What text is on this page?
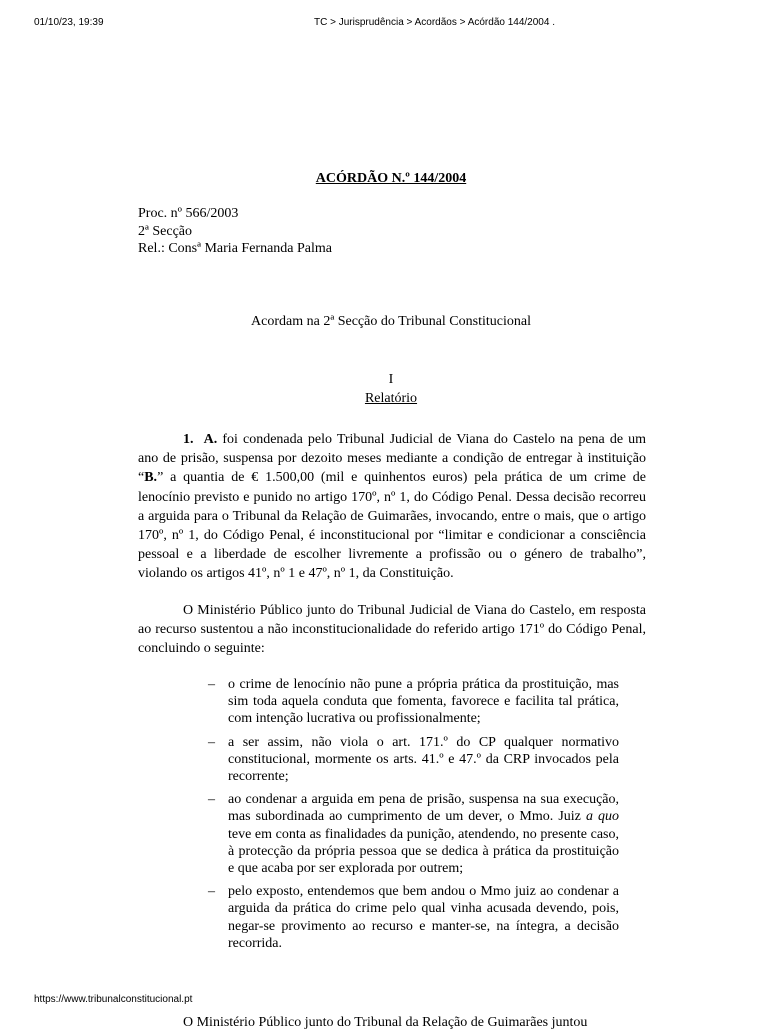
01/10/23, 19:39	TC > Jurisprudência > Acordãos > Acórdão 144/2004 .
ACÓRDÃO N.º 144/2004
Proc. nº 566/2003
2ª Secção
Rel.: Consª Maria Fernanda Palma
Acordam na 2ª Secção do Tribunal Constitucional
I
Relatório

1. A. foi condenada pelo Tribunal Judicial de Viana do Castelo na pena de um ano de prisão, suspensa por dezoito meses mediante a condição de entregar à instituição “B.” a quantia de € 1.500,00 (mil e quinhentos euros) pela prática de um crime de lenocínio previsto e punido no artigo 170º, nº 1, do Código Penal. Dessa decisão recorreu a arguida para o Tribunal da Relação de Guimarães, invocando, entre o mais, que o artigo 170º, nº 1, do Código Penal, é inconstitucional por “limitar e condicionar a consciência pessoal e a liberdade de escolher livremente a profissão ou o género de trabalho”, violando os artigos 41º, nº 1 e 47º, nº 1, da Constituição.

O Ministério Público junto do Tribunal Judicial de Viana do Castelo, em resposta ao recurso sustentou a não inconstitucionalidade do referido artigo 171º do Código Penal, concluindo o seguinte:

– o crime de lenocínio não pune a própria prática da prostituição, mas sim toda aquela conduta que fomenta, favorece e facilita tal prática, com intenção lucrativa ou profissionalmente;
– a ser assim, não viola o art. 171.º do CP qualquer normativo constitucional, mormente os arts. 41.º e 47.º da CRP invocados pela recorrente;
– ao condenar a arguida em pena de prisão, suspensa na sua execução, mas subordinada ao cumprimento de um dever, o Mmo. Juiz a quo teve em conta as finalidades da punição, atendendo, no presente caso, à protecção da própria pessoa que se dedica à prática da prostituição e que acaba por ser explorada por outrem;
– pelo exposto, entendemos que bem andou o Mmo juiz ao condenar a arguida da prática do crime pelo qual vinha acusada devendo, pois, negar-se provimento ao recurso e manter-se, na íntegra, a decisão recorrida.

O Ministério Público junto do Tribunal da Relação de Guimarães juntou

https://www.tribunalconstitucional.pt
